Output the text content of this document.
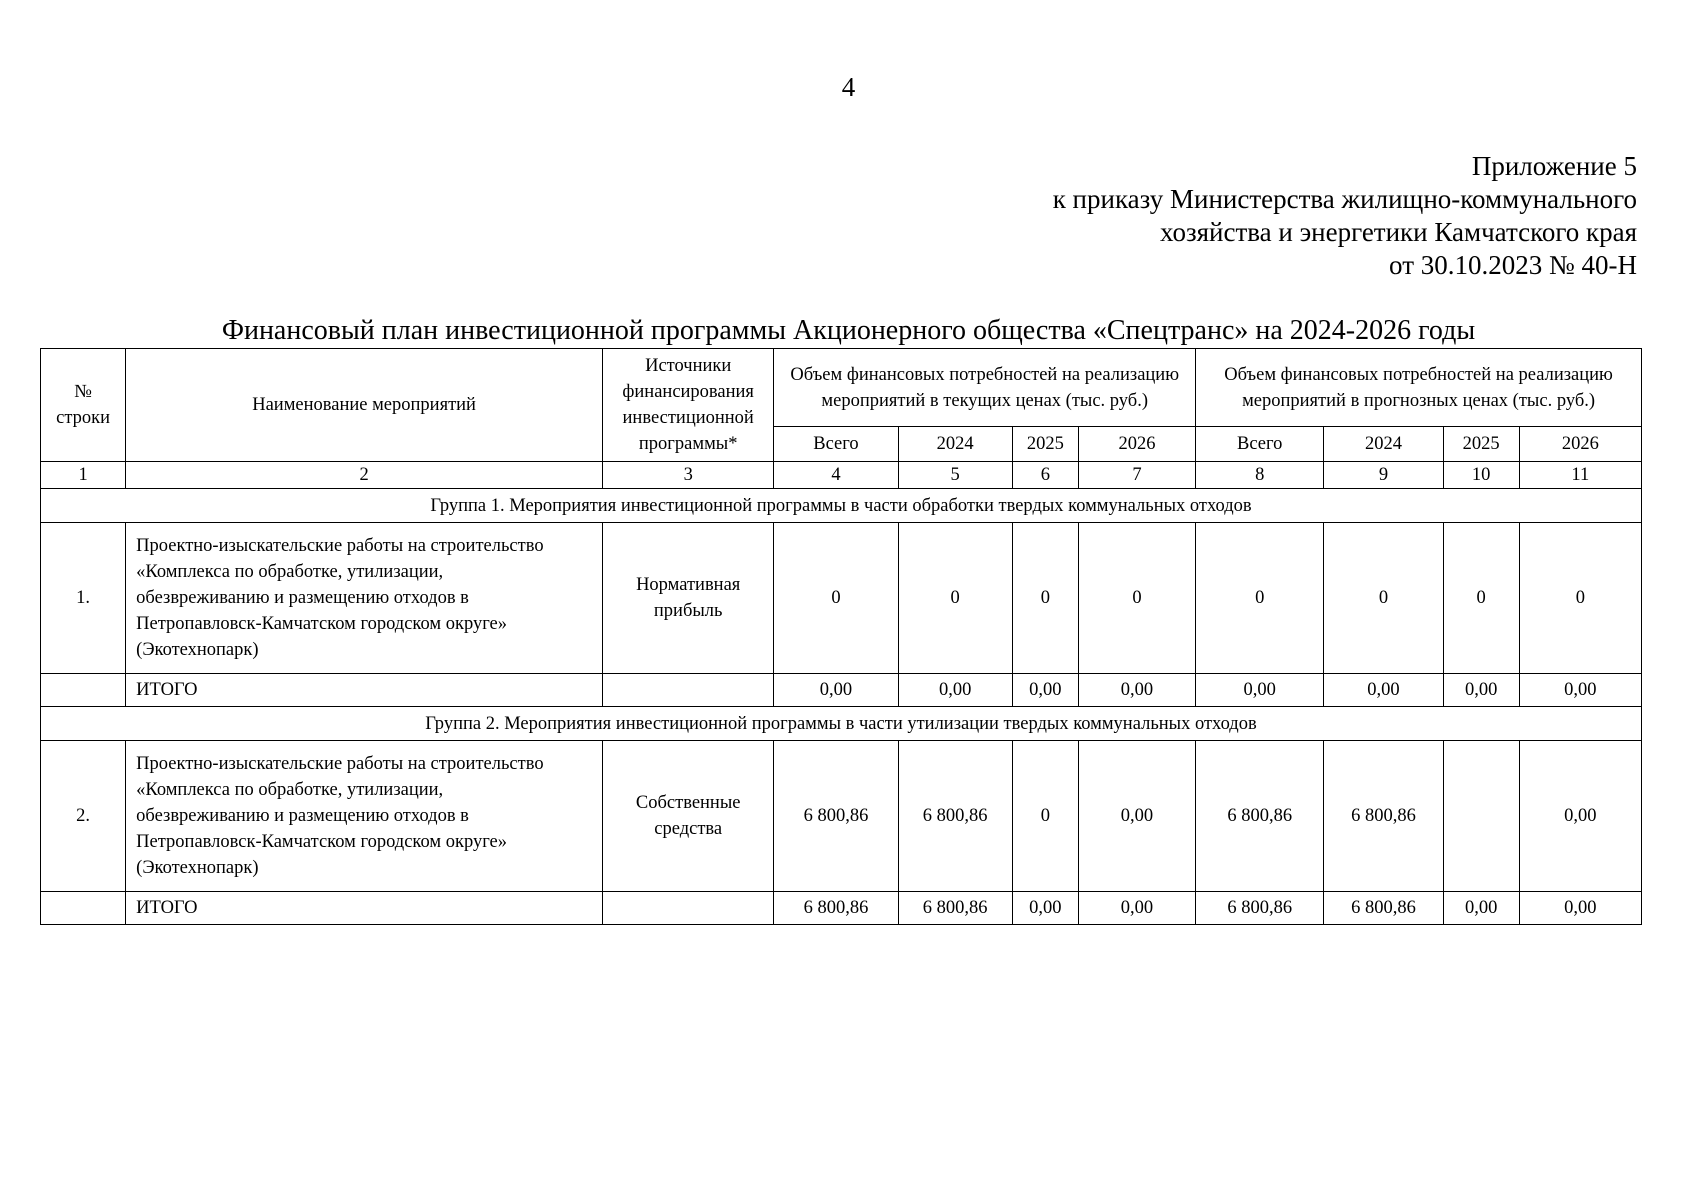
4
Приложение 5
к приказу Министерства жилищно-коммунального
хозяйства и энергетики Камчатского края
от 30.10.2023 № 40-Н
Финансовый план инвестиционной программы Акционерного общества «Спецтранс» на 2024-2026 годы
№ строки	Наименование мероприятий	Источники финансирования инвестиционной программы*	Объем финансовых потребностей на реализацию мероприятий в текущих ценах (тыс. руб.)				Объем финансовых потребностей на реализацию мероприятий в прогнозных ценах (тыс. руб.)			
			Всего	2024	2025	2026	Всего	2024	2025	2026
1	2	3	4	5	6	7	8	9	10	11
Группа 1. Мероприятия инвестиционной программы в части обработки твердых коммунальных отходов										
1.	Проектно-изыскательские работы на строительство
«Комплекса по обработке, утилизации,
обезвреживанию и размещению отходов в
Петропавловск-Камчатском городском округе»
(Экотехнопарк)	Нормативная прибыль	0	0	0	0	0	0	0	0
	ИТОГО		0,00	0,00	0,00	0,00	0,00	0,00	0,00	0,00
Группа 2. Мероприятия инвестиционной программы в части утилизации твердых коммунальных отходов										
2.	Проектно-изыскательские работы на строительство
«Комплекса по обработке, утилизации,
обезвреживанию и размещению отходов в
Петропавловск-Камчатском городском округе»
(Экотехнопарк)	Собственные средства	6 800,86	6 800,86	0	0,00	6 800,86	6 800,86		0,00
	ИТОГО		6 800,86	6 800,86	0,00	0,00	6 800,86	6 800,86	0,00	0,00
